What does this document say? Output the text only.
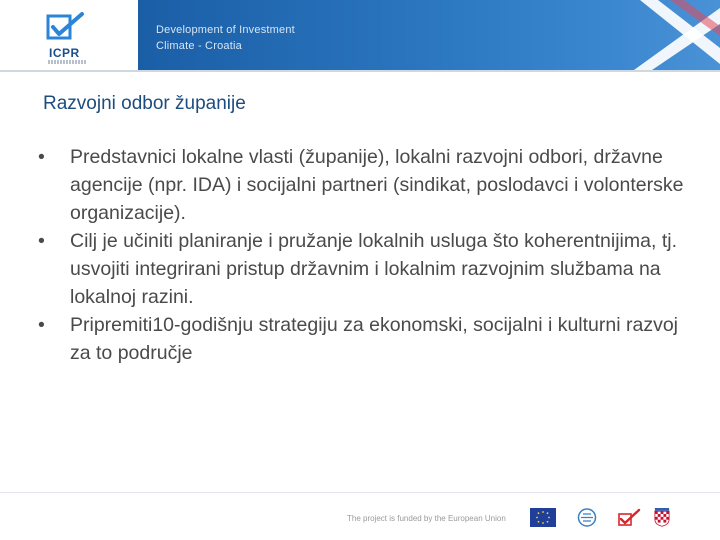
ICPR
Development of Investment
Climate - Croatia
Razvojni odbor županije
• Predstavnici lokalne vlasti (županije), lokalni razvojni odbori, državne agencije (npr. IDA) i socijalni partneri (sindikat, poslodavci i volonterske organizacije).
• Cilj je učiniti planiranje i pružanje lokalnih usluga što koherentnijima, tj. usvojiti integrirani pristup državnim i lokalnim razvojnim službama na lokalnoj razini.
• Pripremiti10-godišnju strategiju za ekonomski, socijalni i kulturni razvoj za to područje
The project is funded by the European Union
